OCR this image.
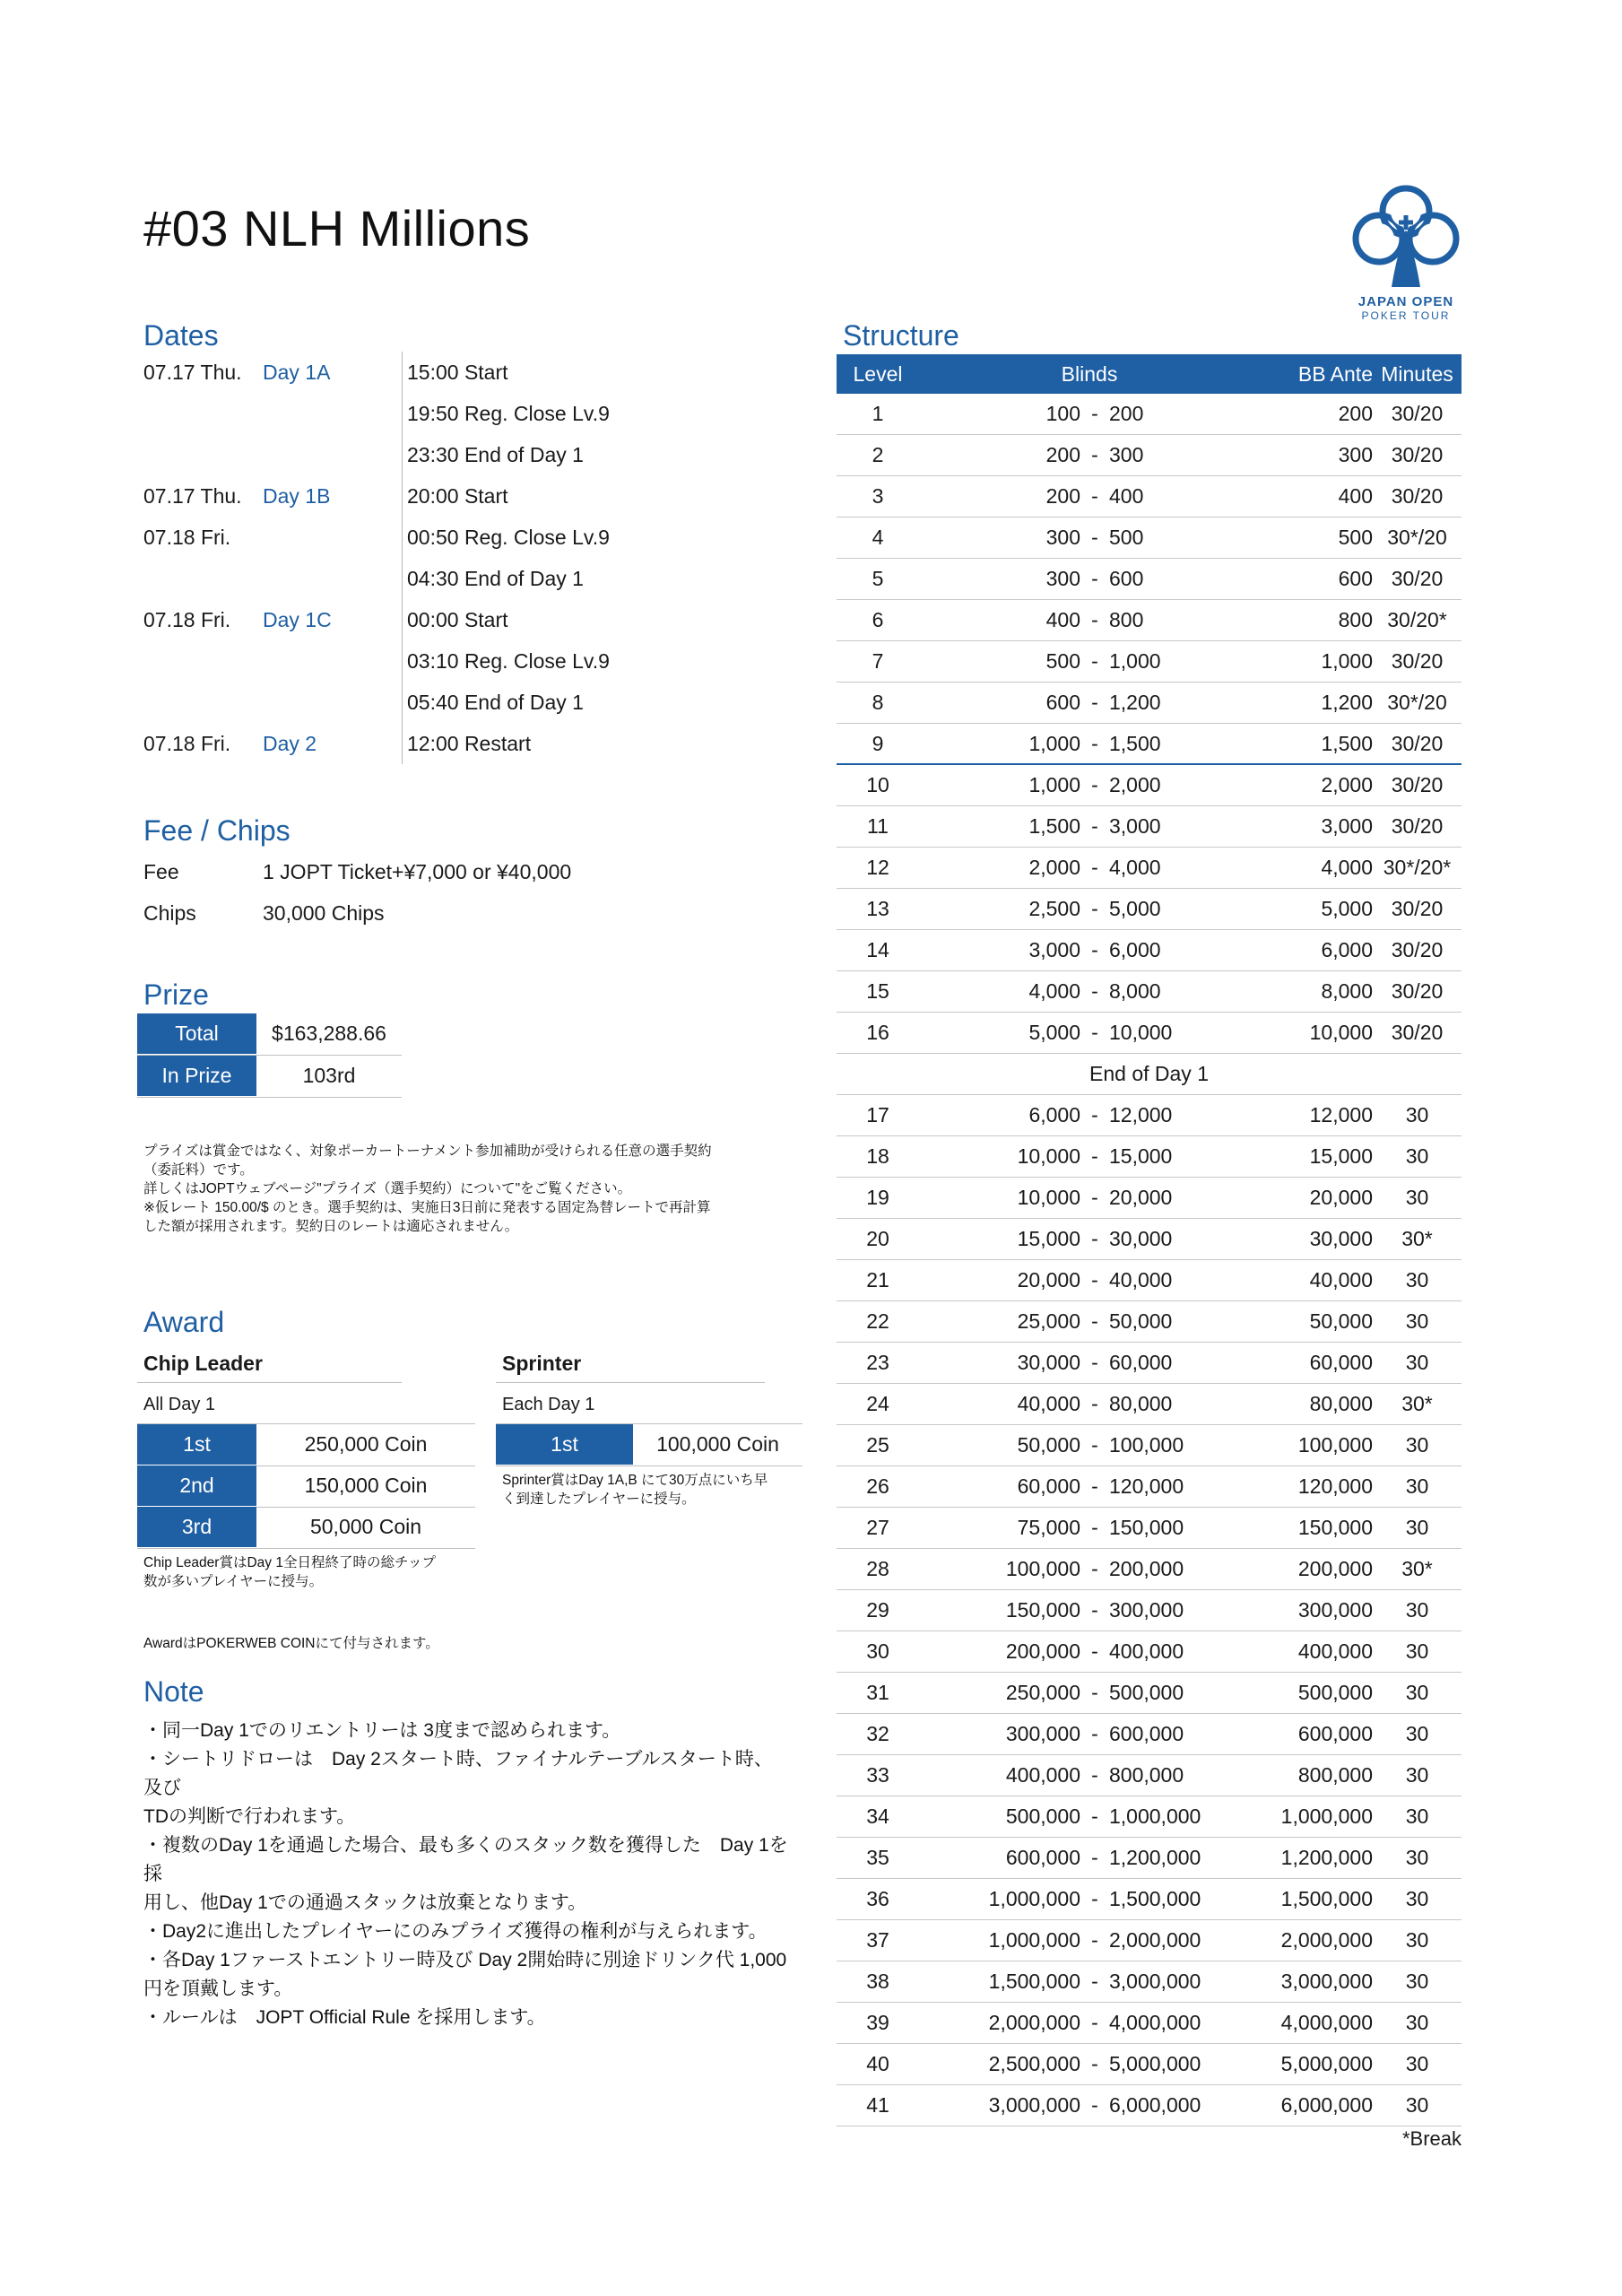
#03 NLH Millions
JAPAN OPEN
POKER TOUR
Dates
07.17 Thu. Day 1A	15:00 Start
19:50 Reg. Close Lv.9
23:30 End of Day 1
07.17 Thu. Day 1B	20:00 Start
07.18 Fri.	00:50 Reg. Close Lv.9
04:30 End of Day 1
07.18 Fri. Day 1C	00:00 Start
03:10 Reg. Close Lv.9
05:40 End of Day 1
07.18 Fri. Day 2	12:00 Restart
Fee / Chips
Fee	1 JOPT Ticket+¥7,000 or ¥40,000
Chips	30,000 Chips
Prize
Total	$163,288.66
In Prize	103rd
プライズは賞金ではなく、対象ポーカートーナメント参加補助が受けられる任意の選手契約
（委託料）です。
詳しくはJOPTウェブページ"プライズ（選手契約）について"をご覧ください。
※仮レート 150.00/$ のとき。選手契約は、実施日3日前に発表する固定為替レートで再計算
した額が採用されます。契約日のレートは適応されません。
Award
Chip Leader
All Day 1
1st	250,000 Coin
2nd	150,000 Coin
3rd	50,000 Coin
Chip Leader賞はDay 1全日程終了時の総チップ
数が多いプレイヤーに授与。
Sprinter
Each Day 1
1st	100,000 Coin
Sprinter賞はDay 1A,B にて30万点にいち早
く到達したプレイヤーに授与。
AwardはPOKERWEB COINにて付与されます。
Note
・同一Day 1でのリエントリーは 3度まで認められます。
・シートリドローは　Day 2スタート時、ファイナルテーブルスタート時、及び
TDの判断で行われます。
・複数のDay 1を通過した場合、最も多くのスタック数を獲得した　Day 1を採
用し、他Day 1での通過スタックは放棄となります。
・Day2に進出したプレイヤーにのみプライズ獲得の権利が与えられます。
・各Day 1ファーストエントリー時及び Day 2開始時に別途ドリンク代 1,000
円を頂戴します。
・ルールは　JOPT Official Rule を採用します。
Structure
Level	Blinds	BB Ante Minutes
1	100 - 200	200 30/20
2	200 - 300	300 30/20
3	200 - 400	400 30/20
4	300 - 500	500 30*/20
5	300 - 600	600 30/20
6	400 - 800	800 30/20*
7	500 - 1,000	1,000 30/20
8	600 - 1,200	1,200 30*/20
9	1,000 - 1,500	1,500 30/20
10	1,000 - 2,000	2,000 30/20
11	1,500 - 3,000	3,000 30/20
12	2,000 - 4,000	4,000 30*/20*
13	2,500 - 5,000	5,000 30/20
14	3,000 - 6,000	6,000 30/20
15	4,000 - 8,000	8,000 30/20
16	5,000 - 10,000	10,000 30/20
End of Day 1
17	6,000 - 12,000	12,000	30
18	10,000 - 15,000	15,000	30
19	10,000 - 20,000	20,000	30
20	15,000 - 30,000	30,000	30*
21	20,000 - 40,000	40,000	30
22	25,000 - 50,000	50,000	30
23	30,000 - 60,000	60,000	30
24	40,000 - 80,000	80,000	30*
25	50,000 - 100,000	100,000	30
26	60,000 - 120,000	120,000	30
27	75,000 - 150,000	150,000	30
28	100,000 - 200,000	200,000	30*
29	150,000 - 300,000	300,000	30
30	200,000 - 400,000	400,000	30
31	250,000 - 500,000	500,000	30
32	300,000 - 600,000	600,000	30
33	400,000 - 800,000	800,000	30
34	500,000 - 1,000,000	1,000,000	30
35	600,000 - 1,200,000	1,200,000	30
36	1,000,000 - 1,500,000	1,500,000	30
37	1,000,000 - 2,000,000	2,000,000	30
38	1,500,000 - 3,000,000	3,000,000	30
39	2,000,000 - 4,000,000	4,000,000	30
40	2,500,000 - 5,000,000	5,000,000	30
41	3,000,000 - 6,000,000	6,000,000	30
*Break
